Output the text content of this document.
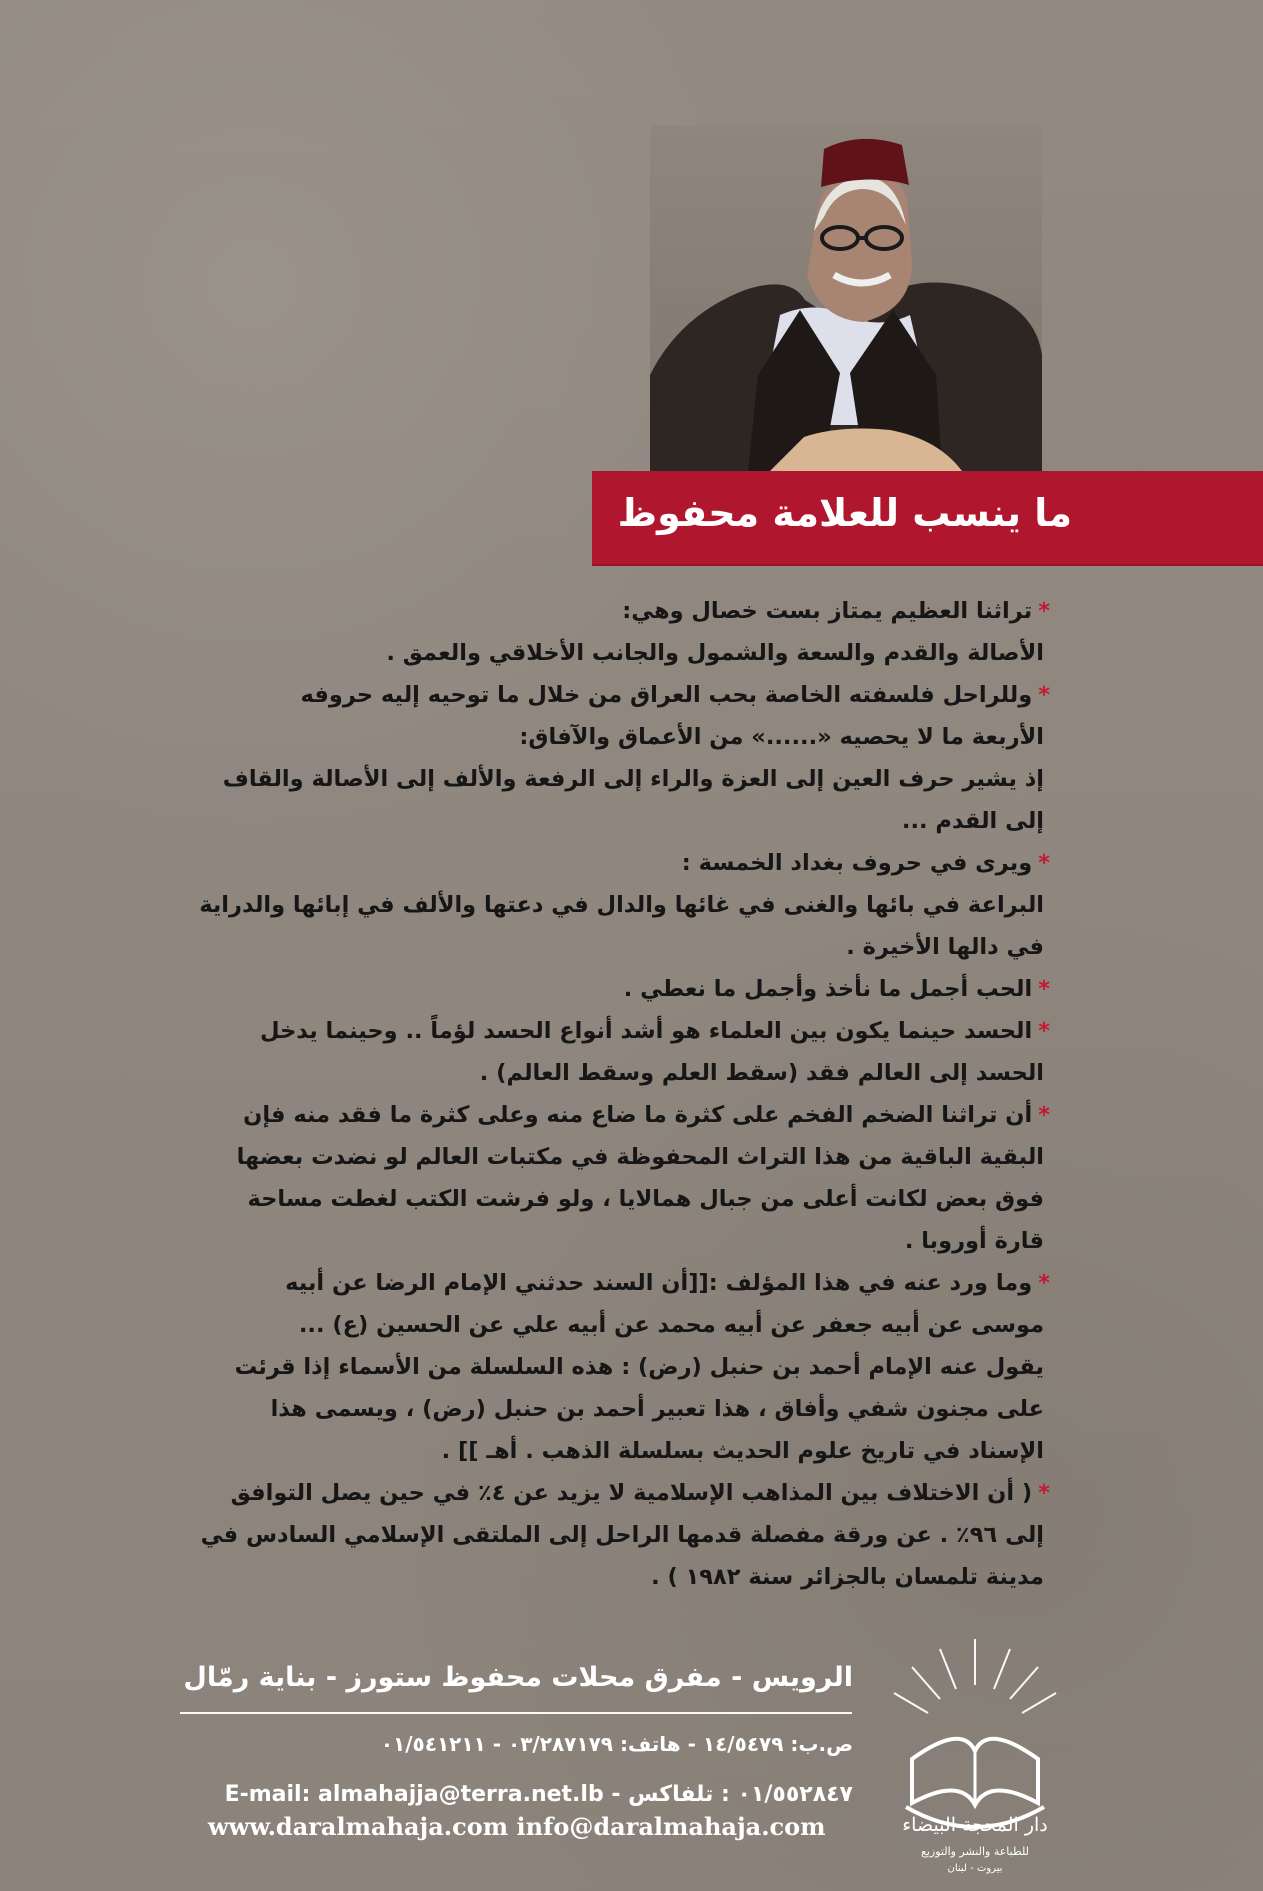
ما ينسب للعلامة محفوظ
*تراثنا العظيم يمتاز بست خصال وهي:
الأصالة والقدم والسعة والشمول والجانب الأخلاقي والعمق .
*وللراحل فلسفته الخاصة بحب العراق من خلال ما توحيه إليه حروفه
الأربعة ما لا يحصيه «......» من الأعماق والآفاق:
إذ يشير حرف العين إلى العزة والراء إلى الرفعة والألف إلى الأصالة والقاف
إلى القدم ...
*ويرى في حروف بغداد الخمسة :
البراعة في بائها والغنى في غائها والدال في دعتها والألف في إبائها والدراية
في دالها الأخيرة .
*الحب أجمل ما نأخذ وأجمل ما نعطي .
*الحسد حينما يكون بين العلماء هو أشد أنواع الحسد لؤماً .. وحينما يدخل
الحسد إلى العالم فقد (سقط العلم وسقط العالم) .
*أن تراثنا الضخم الفخم على كثرة ما ضاع منه وعلى كثرة ما فقد منه فإن
البقية الباقية من هذا التراث المحفوظة في مكتبات العالم لو نضدت بعضها
فوق بعض لكانت أعلى من جبال همالايا ، ولو فرشت الكتب لغطت مساحة
قارة أوروبا .
*وما ورد عنه في هذا المؤلف :[[أن السند حدثني الإمام الرضا عن أبيه
موسى عن أبيه جعفر عن أبيه محمد عن أبيه علي عن الحسين (ع) ...
يقول عنه الإمام أحمد بن حنبل (رض) : هذه السلسلة من الأسماء إذا قرئت
على مجنون شفي وأفاق ، هذا تعبير أحمد بن حنبل (رض) ، ويسمى هذا
الإسناد في تاريخ علوم الحديث بسلسلة الذهب . أهـ ]] .
*( أن الاختلاف بين المذاهب الإسلامية لا يزيد عن ٤٪ في حين يصل التوافق
إلى ٩٦٪ . عن ورقة مفصلة قدمها الراحل إلى الملتقى الإسلامي السادس في
مدينة تلمسان بالجزائر سنة ١٩٨٢ ) .
دار المحجة البيضاء
للطباعة والنشر والتوزيع
بيروت - لبنان
الرويس - مفرق محلات محفوظ ستورز - بناية رمّال
ص.ب: ١٤/٥٤٧٩ - هاتف: ٠٣/٢٨٧١٧٩ - ٠١/٥٤١٢١١
E-mail: almahajja@terra.net.lb - ٠١/٥٥٢٨٤٧ : تلفاكس
www.daralmahaja.com info@daralmahaja.com
